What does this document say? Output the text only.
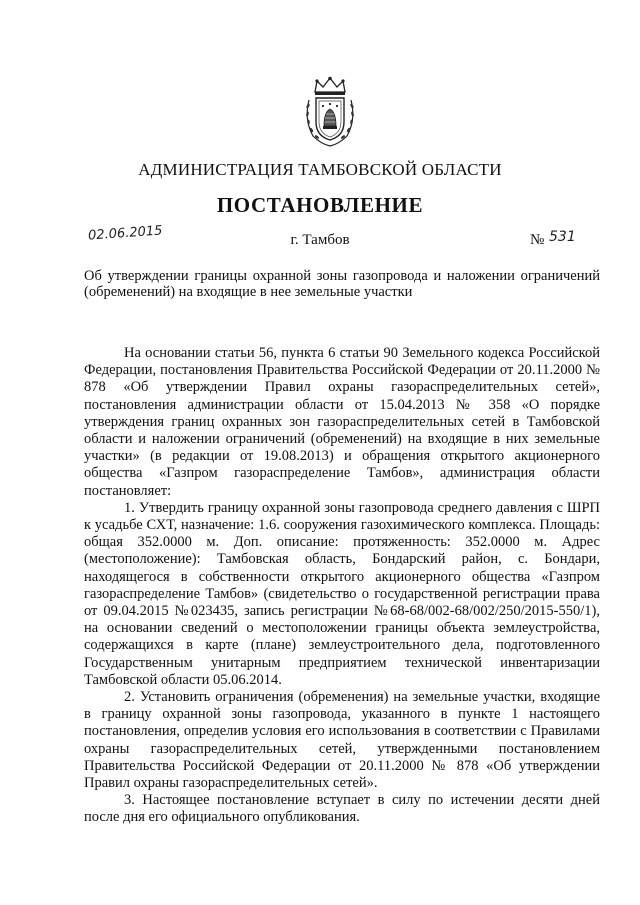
АДМИНИСТРАЦИЯ ТАМБОВСКОЙ ОБЛАСТИ
ПОСТАНОВЛЕНИЕ
02.06.2015	г. Тамбов	№ 531
Об утверждении границы охранной зоны газопровода и наложении ограничений (обременений) на входящие в нее земельные участки

На основании статьи 56, пункта 6 статьи 90 Земельного кодекса Российской Федерации, постановления Правительства Российской Федерации от 20.11.2000 № 878 «Об утверждении Правил охраны газораспределительных сетей», постановления администрации области от 15.04.2013 № 358 «О порядке утверждения границ охранных зон газораспределительных сетей в Тамбовской области и наложении ограничений (обременений) на входящие в них земельные участки» (в редакции от 19.08.2013) и обращения открытого акционерного общества «Газпром газораспределение Тамбов», администрация области постановляет:

1. Утвердить границу охранной зоны газопровода среднего давления с ШРП к усадьбе СХТ, назначение: 1.6. сооружения газохимического комплекса. Площадь: общая 352.0000 м. Доп. описание: протяженность: 352.0000 м. Адрес (местоположение): Тамбовская область, Бондарский район, с. Бондари, находящегося в собственности открытого акционерного общества «Газпром газораспределение Тамбов» (свидетельство о государственной регистрации права от 09.04.2015 №023435, запись регистрации №68-68/002-68/002/250/2015-550/1), на основании сведений о местоположении границы объекта землеустройства, содержащихся в карте (плане) землеустроительного дела, подготовленного Государственным унитарным предприятием технической инвентаризации Тамбовской области 05.06.2014.

2. Установить ограничения (обременения) на земельные участки, входящие в границу охранной зоны газопровода, указанного в пункте 1 настоящего постановления, определив условия его использования в соответствии с Правилами охраны газораспределительных сетей, утвержденными постановлением Правительства Российской Федерации от 20.11.2000 № 878 «Об утверждении Правил охраны газораспределительных сетей».

3. Настоящее постановление вступает в силу по истечении десяти дней после дня его официального опубликования.
